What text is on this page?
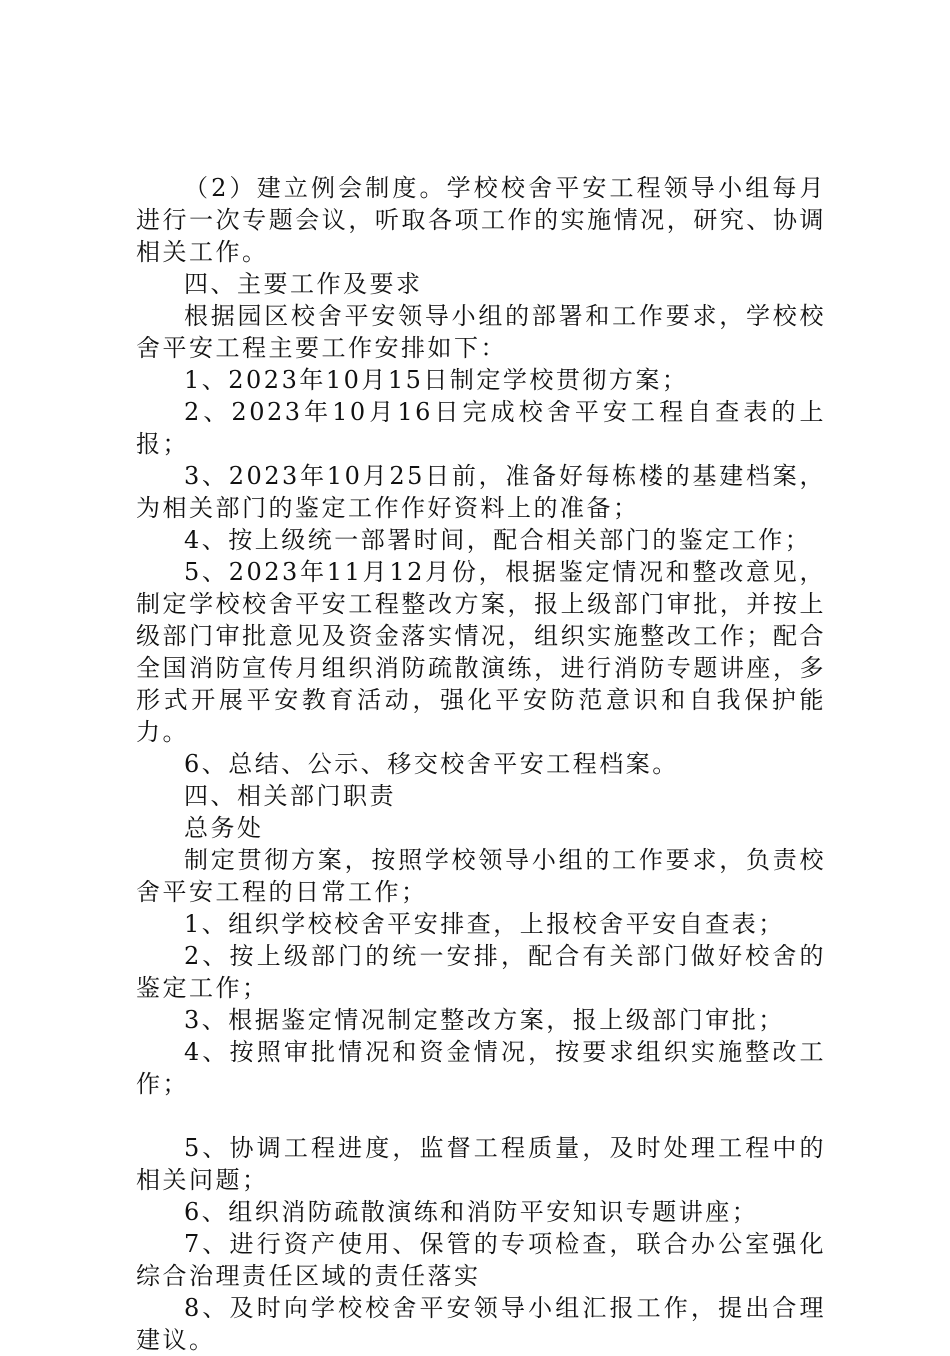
（2）建立例会制度。学校校舍平安工程领导小组每月进行一次专题会议，听取各项工作的实施情况，研究、协调相关工作。

四、主要工作及要求

根据园区校舍平安领导小组的部署和工作要求，学校校舍平安工程主要工作安排如下：

1、2023年10月15日制定学校贯彻方案；

2、2023年10月16日完成校舍平安工程自查表的上报；

3、2023年10月25日前，准备好每栋楼的基建档案，为相关部门的鉴定工作作好资料上的准备；

4、按上级统一部署时间，配合相关部门的鉴定工作；

5、2023年11月12月份，根据鉴定情况和整改意见，制定学校校舍平安工程整改方案，报上级部门审批，并按上级部门审批意见及资金落实情况，组织实施整改工作；配合全国消防宣传月组织消防疏散演练，进行消防专题讲座，多形式开展平安教育活动，强化平安防范意识和自我保护能力。

6、总结、公示、移交校舍平安工程档案。

四、相关部门职责

总务处

制定贯彻方案，按照学校领导小组的工作要求，负责校舍平安工程的日常工作；

1、组织学校校舍平安排查，上报校舍平安自查表；

2、按上级部门的统一安排，配合有关部门做好校舍的鉴定工作；

3、根据鉴定情况制定整改方案，报上级部门审批；

4、按照审批情况和资金情况，按要求组织实施整改工作；

5、协调工程进度，监督工程质量，及时处理工程中的相关问题；

6、组织消防疏散演练和消防平安知识专题讲座；

7、进行资产使用、保管的专项检查，联合办公室强化综合治理责任区域的责任落实

8、及时向学校校舍平安领导小组汇报工作，提出合理建议。
